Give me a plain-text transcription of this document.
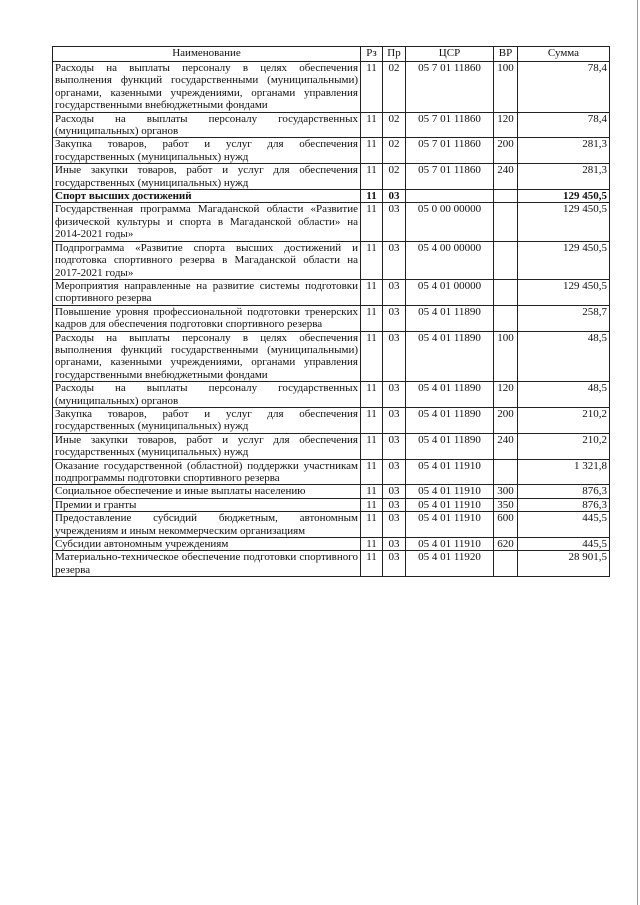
Наименование	Рз	Пр	ЦСР	ВР	Сумма
Расходы на выплаты персоналу в целях обеспечения выполнения функций государственными (муниципальными) органами, казенными учреждениями, органами управления государственными внебюджетными фондами	11	02	05 7 01 11860	100	78,4
Расходы на выплаты персоналу государственных (муниципальных) органов	11	02	05 7 01 11860	120	78,4
Закупка товаров, работ и услуг для обеспечения государственных (муниципальных) нужд	11	02	05 7 01 11860	200	281,3
Иные закупки товаров, работ и услуг для обеспечения государственных (муниципальных) нужд	11	02	05 7 01 11860	240	281,3
Спорт высших достижений	11	03			129 450,5
Государственная программа Магаданской области «Развитие физической культуры и спорта в Магаданской области» на 2014-2021 годы»	11	03	05 0 00 00000		129 450,5
Подпрограмма «Развитие спорта высших достижений и подготовка спортивного резерва в Магаданской области на 2017-2021 годы»	11	03	05 4 00 00000		129 450,5
Мероприятия направленные на развитие системы подготовки спортивного резерва	11	03	05 4 01 00000		129 450,5
Повышение уровня профессиональной подготовки тренерских кадров для обеспечения подготовки спортивного резерва	11	03	05 4 01 11890		258,7
Расходы на выплаты персоналу в целях обеспечения выполнения функций государственными (муниципальными) органами, казенными учреждениями, органами управления государственными внебюджетными фондами	11	03	05 4 01 11890	100	48,5
Расходы на выплаты персоналу государственных (муниципальных) органов	11	03	05 4 01 11890	120	48,5
Закупка товаров, работ и услуг для обеспечения государственных (муниципальных) нужд	11	03	05 4 01 11890	200	210,2
Иные закупки товаров, работ и услуг для обеспечения государственных (муниципальных) нужд	11	03	05 4 01 11890	240	210,2
Оказание государственной (областной) поддержки участникам подпрограммы подготовки спортивного резерва	11	03	05 4 01 11910		1 321,8
Социальное обеспечение и иные выплаты населению	11	03	05 4 01 11910	300	876,3
Премии и гранты	11	03	05 4 01 11910	350	876,3
Предоставление субсидий бюджетным, автономным учреждениям и иным некоммерческим организациям	11	03	05 4 01 11910	600	445,5
Субсидии автономным учреждениям	11	03	05 4 01 11910	620	445,5
Материально-техническое обеспечение подготовки спортивного резерва	11	03	05 4 01 11920		28 901,5
